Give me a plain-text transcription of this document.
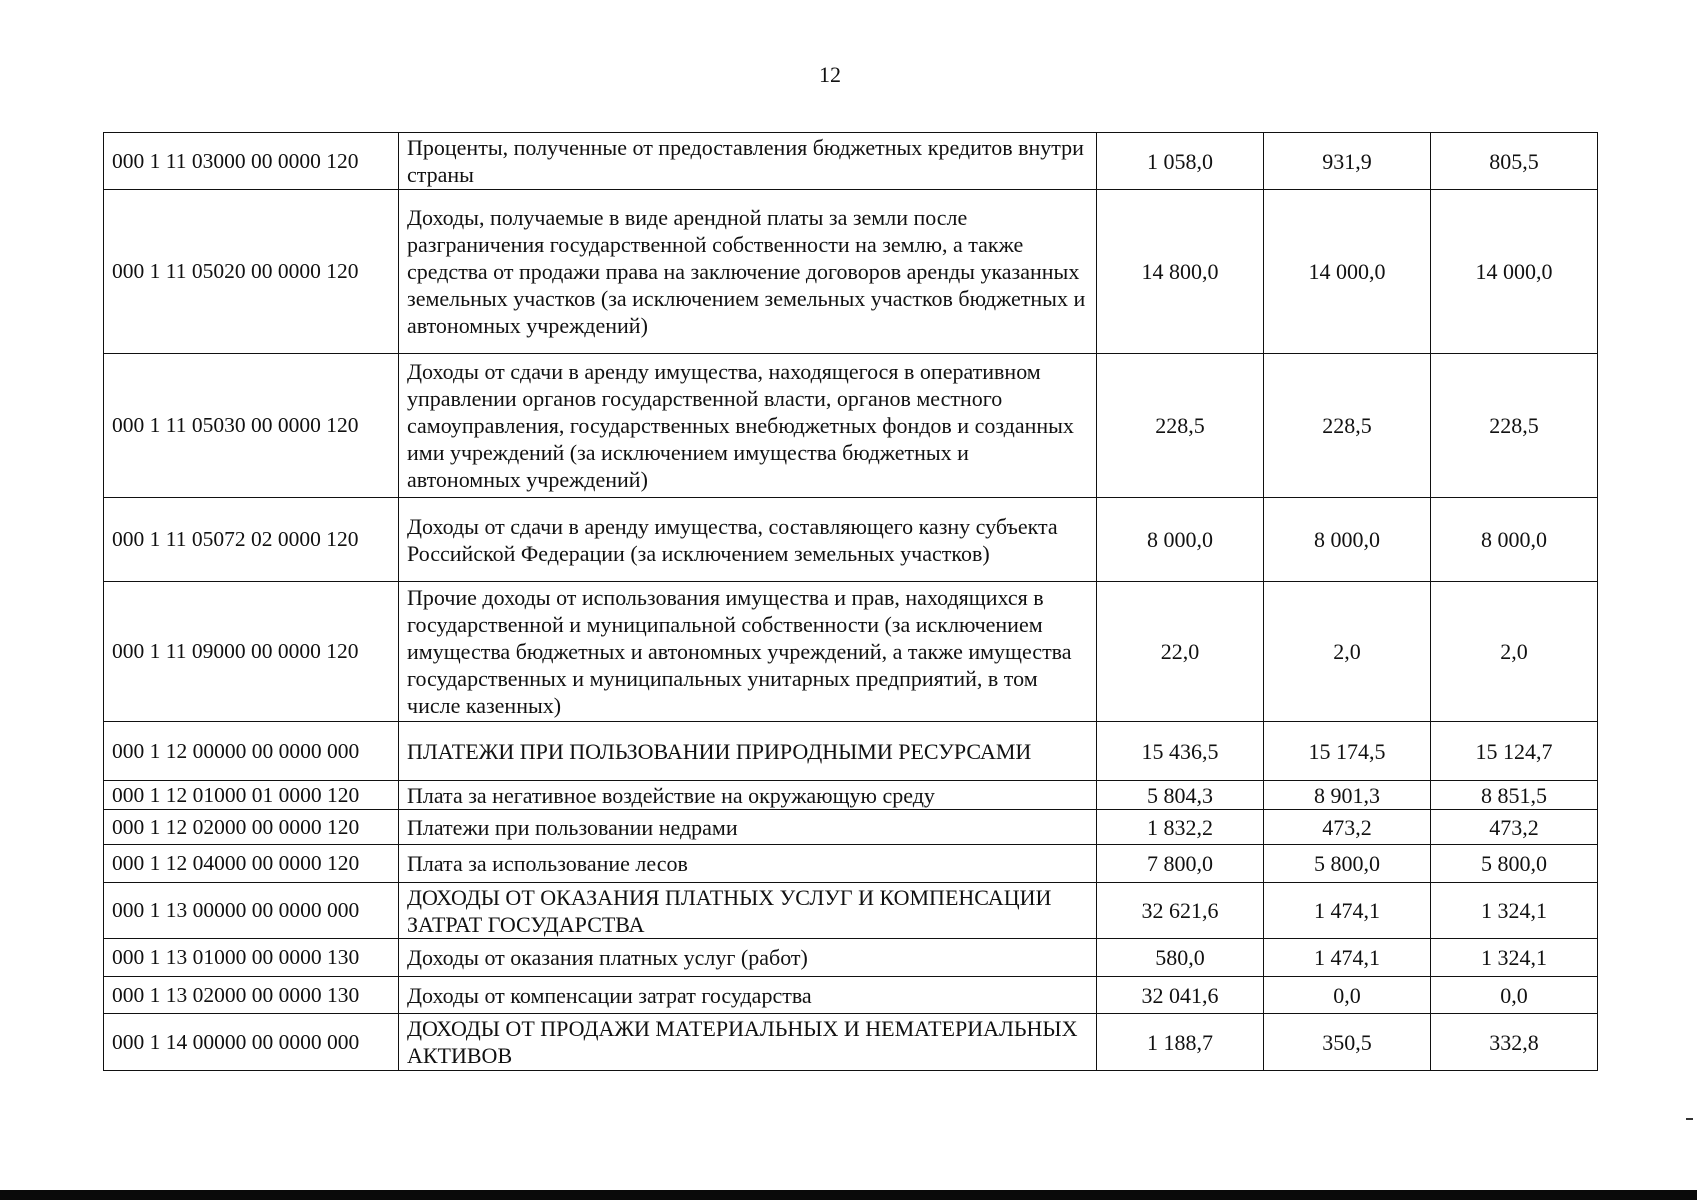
12
000 1 11 03000 00 0000 120	Проценты, полученные от предоставления бюджетных кредитов внутри страны	1 058,0	931,9	805,5
000 1 11 05020 00 0000 120	Доходы, получаемые в виде арендной платы за земли после разграничения государственной собственности на землю, а также средства от продажи права на заключение договоров аренды указанных земельных участков (за исключением земельных участков бюджетных и автономных учреждений)	14 800,0	14 000,0	14 000,0
000 1 11 05030 00 0000 120	Доходы от сдачи в аренду имущества, находящегося в оперативном управлении органов государственной власти, органов местного самоуправления, государственных внебюджетных фондов и созданных ими учреждений (за исключением имущества бюджетных и автономных учреждений)	228,5	228,5	228,5
000 1 11 05072 02 0000 120	Доходы от сдачи в аренду имущества, составляющего казну субъекта Российской Федерации (за исключением земельных участков)	8 000,0	8 000,0	8 000,0
000 1 11 09000 00 0000 120	Прочие доходы от использования имущества и прав, находящихся в государственной и муниципальной собственности (за исключением имущества бюджетных и автономных учреждений, а также имущества государственных и муниципальных унитарных предприятий, в том числе казенных)	22,0	2,0	2,0
000 1 12 00000 00 0000 000	ПЛАТЕЖИ ПРИ ПОЛЬЗОВАНИИ ПРИРОДНЫМИ РЕСУРСАМИ	15 436,5	15 174,5	15 124,7
000 1 12 01000 01 0000 120	Плата за негативное воздействие на окружающую среду	5 804,3	8 901,3	8 851,5
000 1 12 02000 00 0000 120	Платежи при пользовании недрами	1 832,2	473,2	473,2
000 1 12 04000 00 0000 120	Плата за использование лесов	7 800,0	5 800,0	5 800,0
000 1 13 00000 00 0000 000	ДОХОДЫ ОТ ОКАЗАНИЯ ПЛАТНЫХ УСЛУГ И КОМПЕНСАЦИИ ЗАТРАТ ГОСУДАРСТВА	32 621,6	1 474,1	1 324,1
000 1 13 01000 00 0000 130	Доходы от оказания платных услуг (работ)	580,0	1 474,1	1 324,1
000 1 13 02000 00 0000 130	Доходы от компенсации затрат государства	32 041,6	0,0	0,0
000 1 14 00000 00 0000 000	ДОХОДЫ ОТ ПРОДАЖИ МАТЕРИАЛЬНЫХ И НЕМАТЕРИАЛЬНЫХ АКТИВОВ	1 188,7	350,5	332,8
